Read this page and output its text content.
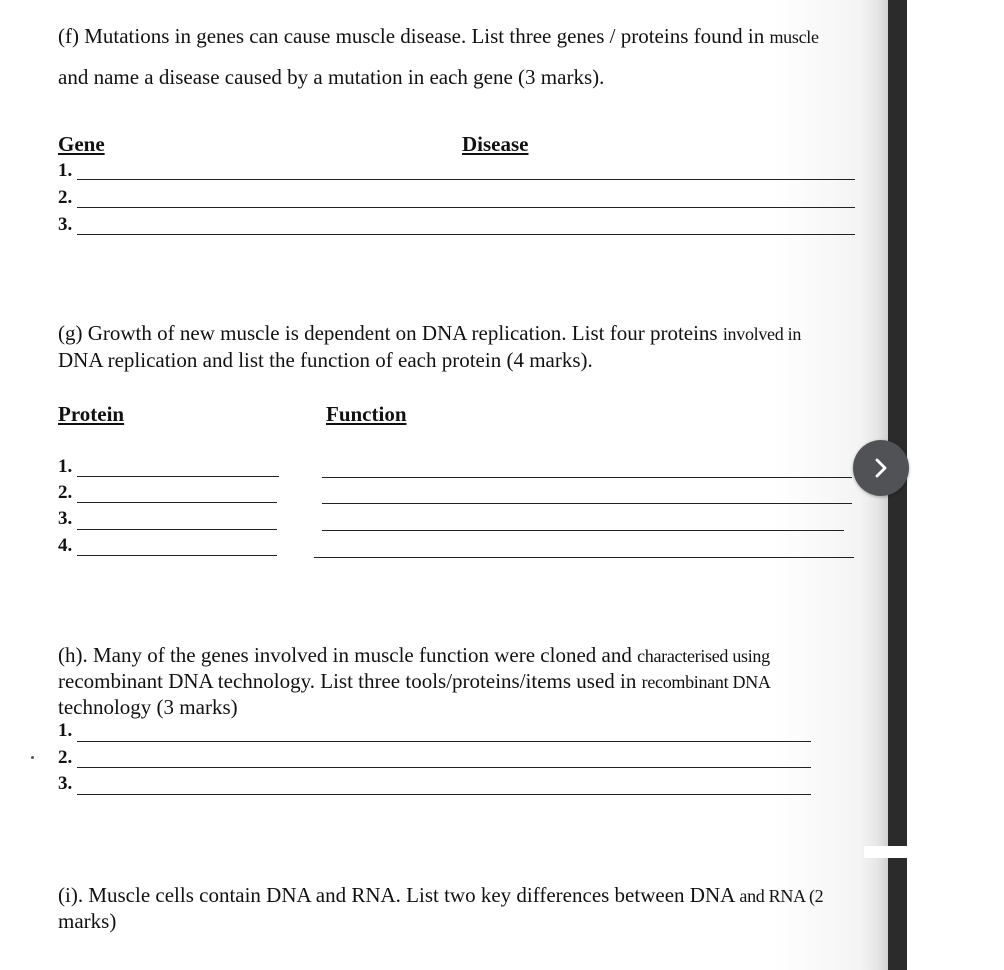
(f) Mutations in genes can cause muscle disease. List three genes / proteins found in muscle

and name a disease caused by a mutation in each gene (3 marks).

Gene	Disease
1.
2.
3.

(g) Growth of new muscle is dependent on DNA replication. List four proteins involved in

DNA replication and list the function of each protein (4 marks).

Protein	Function
1.
2.
3.
4.

(h). Many of the genes involved in muscle function were cloned and characterised using

recombinant DNA technology. List three tools/proteins/items used in recombinant DNA

technology (3 marks)

1.
2.
3.

(i). Muscle cells contain DNA and RNA. List two key differences between DNA and RNA (2

marks)
